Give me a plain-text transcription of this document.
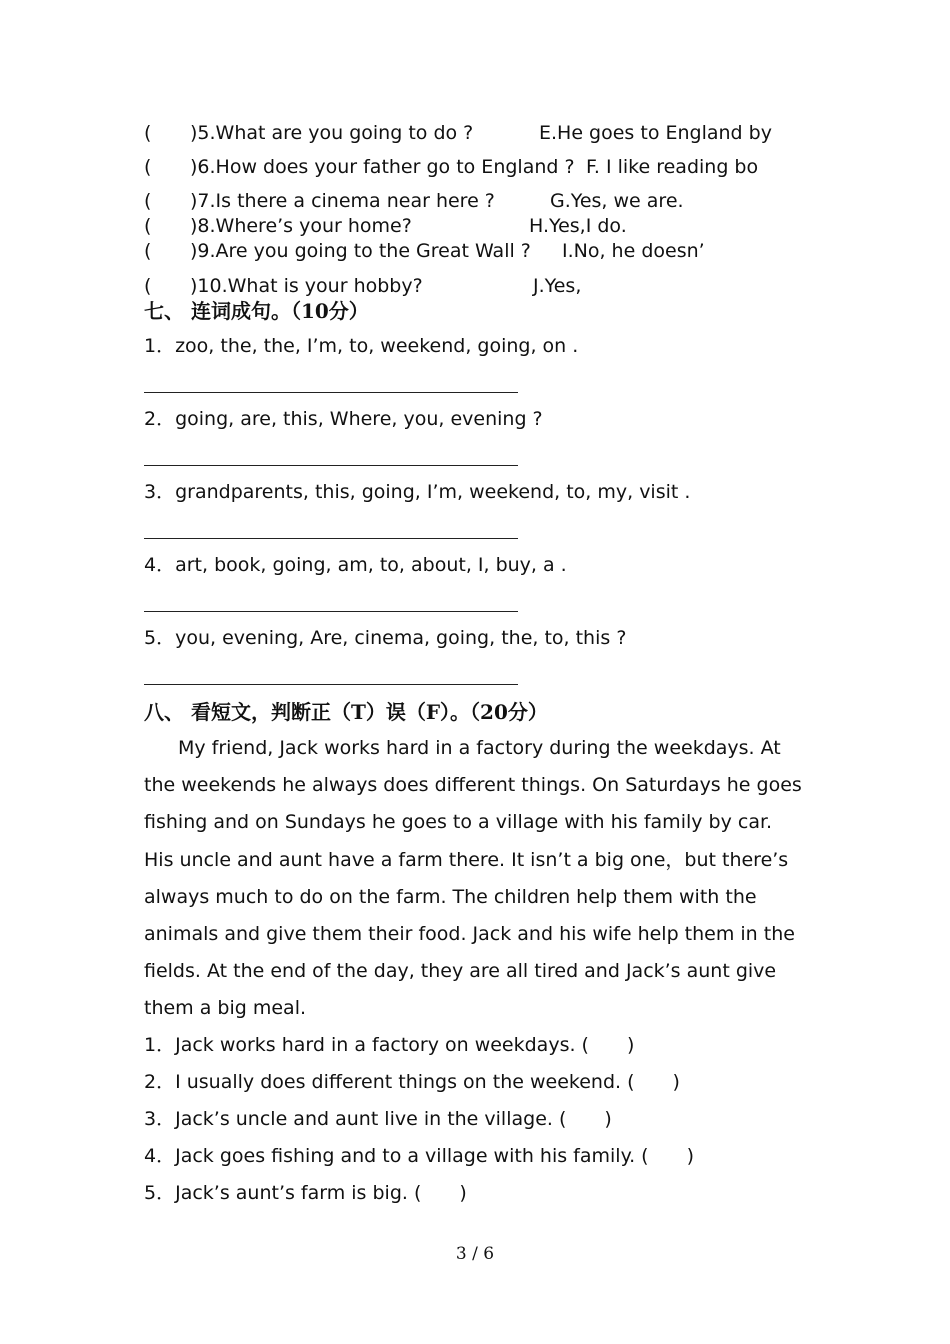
( )5.What are you going to do ?	E.He goes to England by
( )6.How does your father go to England ? F. I like reading bo
( )7.Is there a cinema near here ?	G.Yes, we are.
( )8.Where’s your home?	H.Yes,I do.
( )9.Are you going to the Great Wall ? I.No, he doesn’
( )10.What is your hobby?	J.Yes,
七、 连词成句。（10分）
1．zoo, the, the, I’m, to, weekend, going, on .
2．going, are, this, Where, you, evening ?
3．grandparents, this, going, I’m, weekend, to, my, visit .
4．art, book, going, am, to, about, I, buy, a .
5．you, evening, Are, cinema, going, the, to, this ?
八、 看短文，判断正（T）误（F）。（20分）

My friend, Jack works hard in a factory during the weekdays. At the weekends he always does different things. On Saturdays he goes fishing and on Sundays he goes to a village with his family by car. His uncle and aunt have a farm there. It isn’t a big one，but there’s always much to do on the farm. The children help them with the animals and give them their food. Jack and his wife help them in the fields. At the end of the day, they are all tired and Jack’s aunt give them a big meal.

1．Jack works hard in a factory on weekdays. (　　)
2．I usually does different things on the weekend. (　　)
3．Jack’s uncle and aunt live in the village. (　　)
4．Jack goes fishing and to a village with his family. (　　)
5．Jack’s aunt’s farm is big. (　　)
3 / 6
